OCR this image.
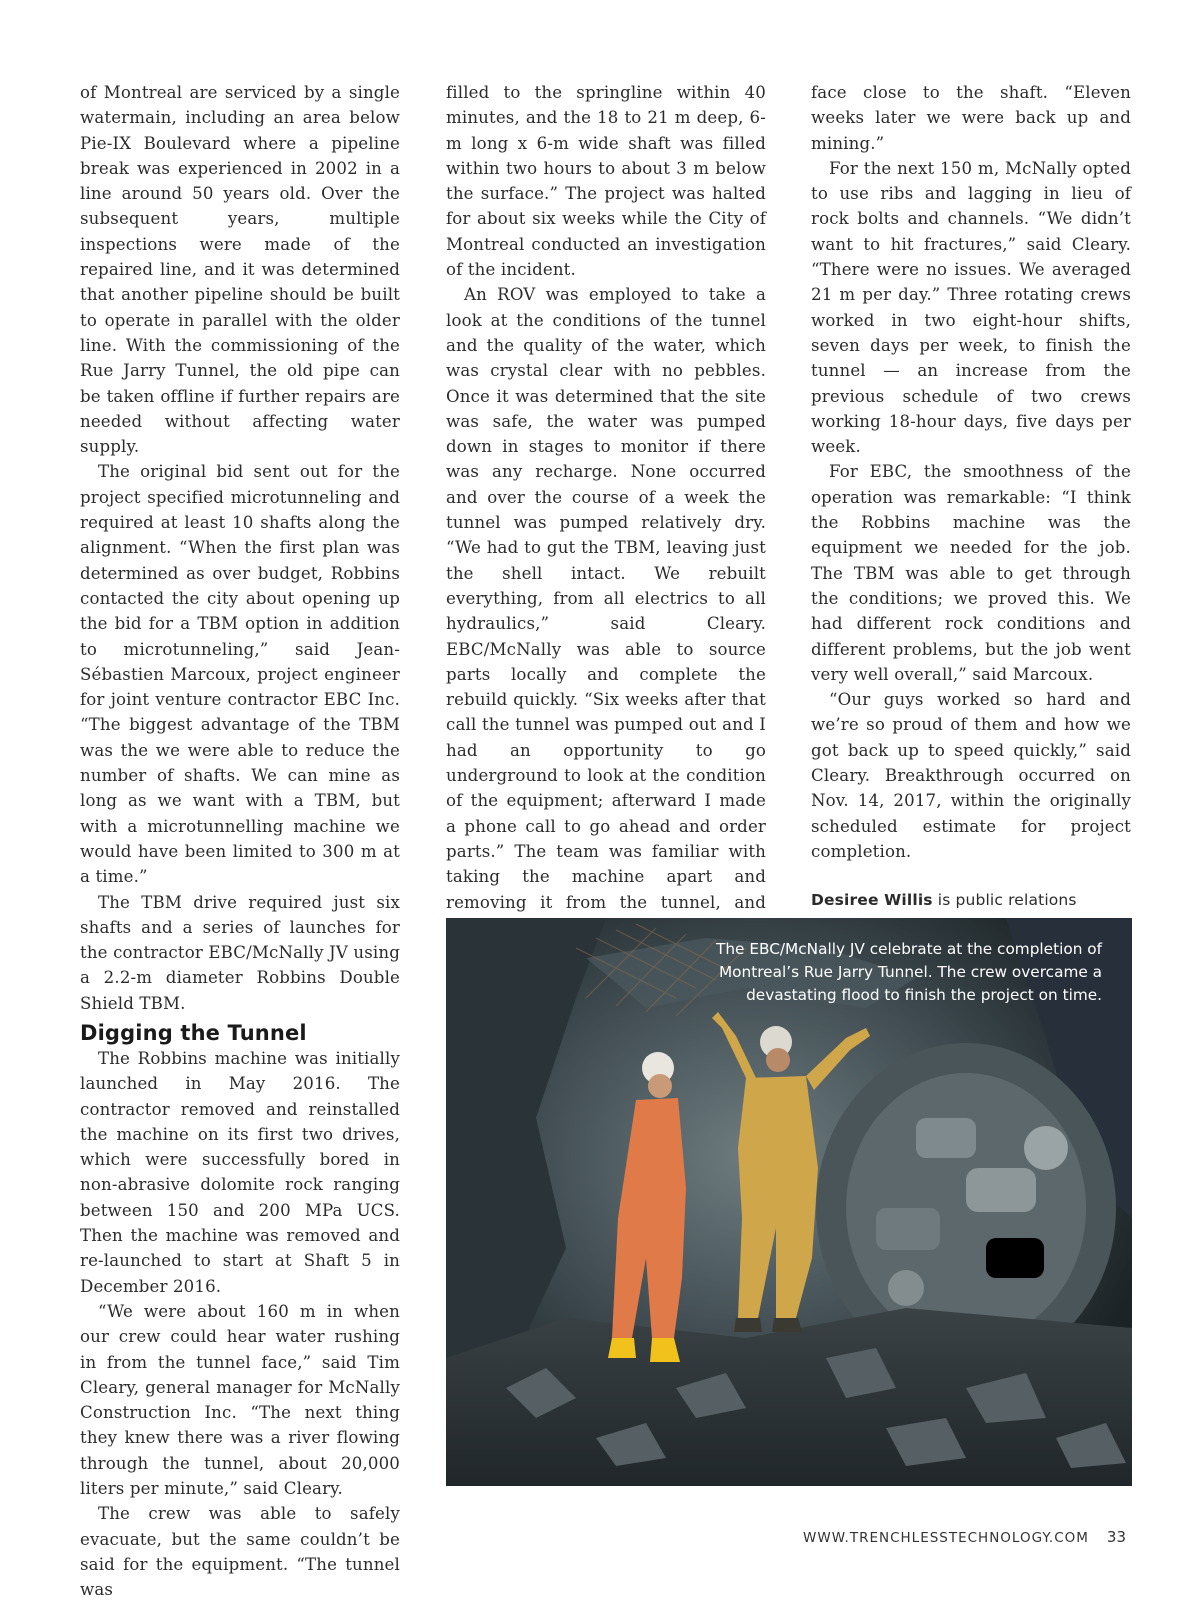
of Montreal are serviced by a single watermain, including an area below Pie-IX Boulevard where a pipeline break was experienced in 2002 in a line around 50 years old. Over the subsequent years, multiple inspections were made of the repaired line, and it was determined that another pipeline should be built to operate in parallel with the older line. With the commissioning of the Rue Jarry Tunnel, the old pipe can be taken offline if further repairs are needed without affecting water supply.

The original bid sent out for the project specified microtunneling and required at least 10 shafts along the alignment. “When the first plan was determined as over budget, Robbins contacted the city about opening up the bid for a TBM option in addition to microtunneling,” said Jean-Sébastien Marcoux, project engineer for joint venture contractor EBC Inc. “The biggest advantage of the TBM was the we were able to reduce the number of shafts. We can mine as long as we want with a TBM, but with a microtunnelling machine we would have been limited to 300 m at a time.”

The TBM drive required just six shafts and a series of launches for the contractor EBC/McNally JV using a 2.2-m diameter Robbins Double Shield TBM.

Digging the Tunnel

The Robbins machine was initially launched in May 2016. The contractor removed and reinstalled the machine on its first two drives, which were successfully bored in non-abrasive dolomite rock ranging between 150 and 200 MPa UCS. Then the machine was removed and re-launched to start at Shaft 5 in December 2016.

“We were about 160 m in when our crew could hear water rushing in from the tunnel face,” said Tim Cleary, general manager for McNally Construction Inc. “The next thing they knew there was a river flowing through the tunnel, about 20,000 liters per minute,” said Cleary.

The crew was able to safely evacuate, but the same couldn’t be said for the equipment. “The tunnel was

filled to the springline within 40 minutes, and the 18 to 21 m deep, 6-m long x 6-m wide shaft was filled within two hours to about 3 m below the surface.” The project was halted for about six weeks while the City of Montreal conducted an investigation of the incident.

An ROV was employed to take a look at the conditions of the tunnel and the quality of the water, which was crystal clear with no pebbles. Once it was determined that the site was safe, the water was pumped down in stages to monitor if there was any recharge. None occurred and over the course of a week the tunnel was pumped relatively dry. “We had to gut the TBM, leaving just the shell intact. We rebuilt everything, from all electrics to all hydraulics,” said Cleary. EBC/McNally was able to source parts locally and complete the rebuild quickly. “Six weeks after that call the tunnel was pumped out and I had an opportunity to go underground to look at the condition of the equipment; afterward I made a phone call to go ahead and order parts.” The team was familiar with taking the machine apart and removing it from the tunnel, and

face close to the shaft. “Eleven weeks later we were back up and mining.”

For the next 150 m, McNally opted to use ribs and lagging in lieu of rock bolts and channels. “We didn’t want to hit fractures,” said Cleary. “There were no issues. We averaged 21 m per day.” Three rotating crews worked in two eight-hour shifts, seven days per week, to finish the tunnel — an increase from the previous schedule of two crews working 18-hour days, five days per week.

For EBC, the smoothness of the operation was remarkable: “I think the Robbins machine was the equipment we needed for the job. The TBM was able to get through the conditions; we proved this. We had different rock conditions and different problems, but the job went very well overall,” said Marcoux.

“Our guys worked so hard and we’re so proud of them and how we got back up to speed quickly,” said Cleary. Breakthrough occurred on Nov. 14, 2017, within the originally scheduled estimate for project completion.

Desiree Willis is public relations

The EBC/McNally JV celebrate at the completion of Montreal’s Rue Jarry Tunnel. The crew overcame a devastating flood to finish the project on time.
WWW.TRENCHLESSTECHNOLOGY.COM 33
